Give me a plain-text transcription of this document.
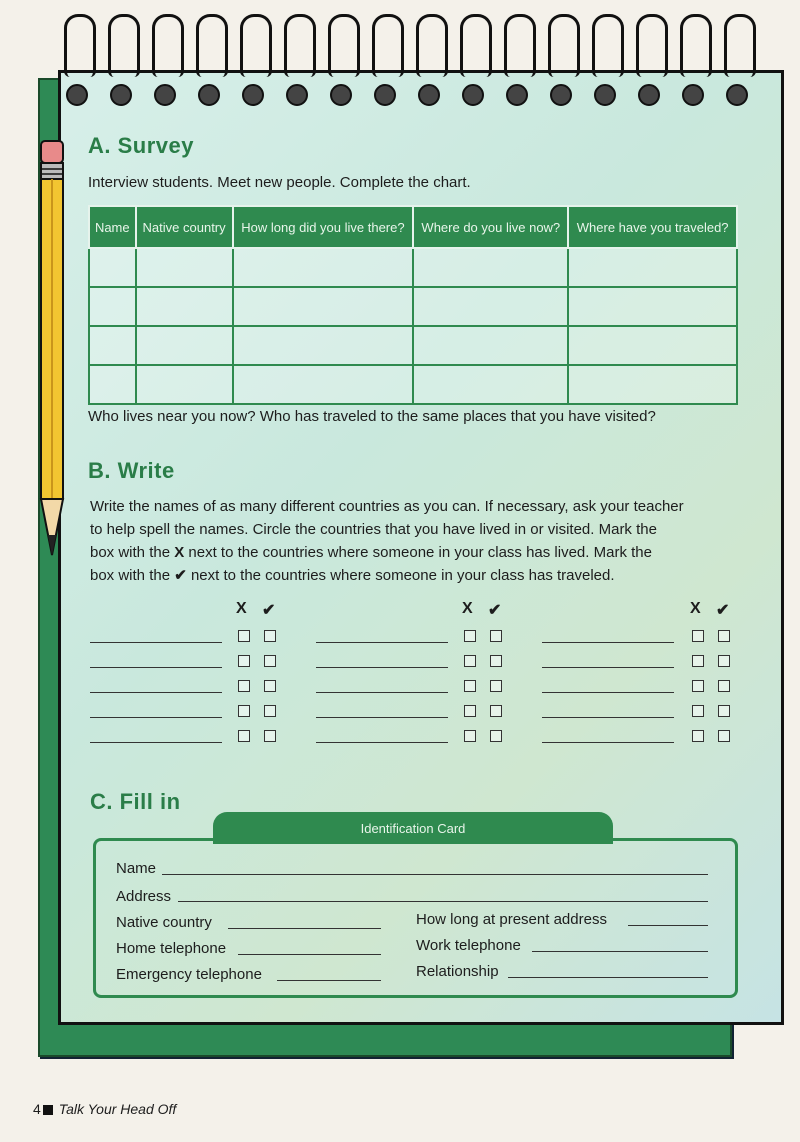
A. Survey
Interview students. Meet new people. Complete the chart.
Name	Native country	How long did you live there?	Where do you live now?	Where have you traveled?

Who lives near you now? Who has traveled to the same places that you have visited?
B. Write
Write the names of as many different countries as you can. If necessary, ask your teacher
to help spell the names. Circle the countries that you have lived in or visited. Mark the
box with the X next to the countries where someone in your class has lived. Mark the
box with the ✔ next to the countries where someone in your class has traveled.
X ✔	X ✔	X ✔
C. Fill in
Identification Card
Name
Address
Native country
Home telephone
Emergency telephone
How long at present address
Work telephone
Relationship
4 Talk Your Head Off
